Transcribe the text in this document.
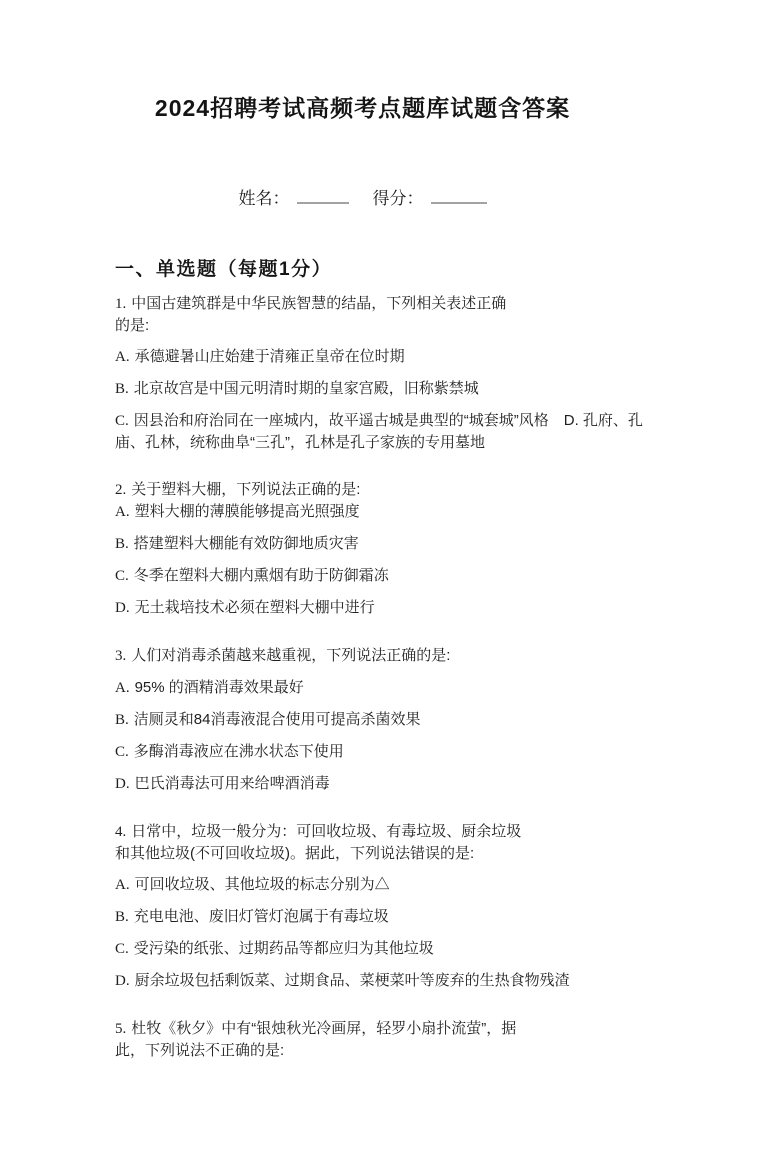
2024招聘考试高频考点题库试题含答案
姓名：	得分：
一、单选题（每题1分）

1. 中国古建筑群是中华民族智慧的结晶，下列相关表述正确
的是:

A. 承德避暑山庄始建于清雍正皇帝在位时期

B. 北京故宫是中国元明清时期的皇家宫殿，旧称紫禁城

C. 因县治和府治同在一座城内，故平遥古城是典型的“城套城”风格　D. 孔府、孔
庙、孔林，统称曲阜“三孔”，孔林是孔子家族的专用墓地

2. 关于塑料大棚，下列说法正确的是:

A. 塑料大棚的薄膜能够提高光照强度

B. 搭建塑料大棚能有效防御地质灾害

C. 冬季在塑料大棚内熏烟有助于防御霜冻

D. 无土栽培技术必须在塑料大棚中进行

3. 人们对消毒杀菌越来越重视，下列说法正确的是:

A. 95% 的酒精消毒效果最好

B. 洁厕灵和84消毒液混合使用可提高杀菌效果

C. 多酶消毒液应在沸水状态下使用

D. 巴氏消毒法可用来给啤酒消毒

4. 日常中，垃圾一般分为：可回收垃圾、有毒垃圾、厨余垃圾
和其他垃圾(不可回收垃圾)。据此，下列说法错误的是:

A. 可回收垃圾、其他垃圾的标志分别为△

B. 充电电池、废旧灯管灯泡属于有毒垃圾

C. 受污染的纸张、过期药品等都应归为其他垃圾

D. 厨余垃圾包括剩饭菜、过期食品、菜梗菜叶等废弃的生热食物残渣

5. 杜牧《秋夕》中有“银烛秋光冷画屏，轻罗小扇扑流萤”，据
此，下列说法不正确的是:
